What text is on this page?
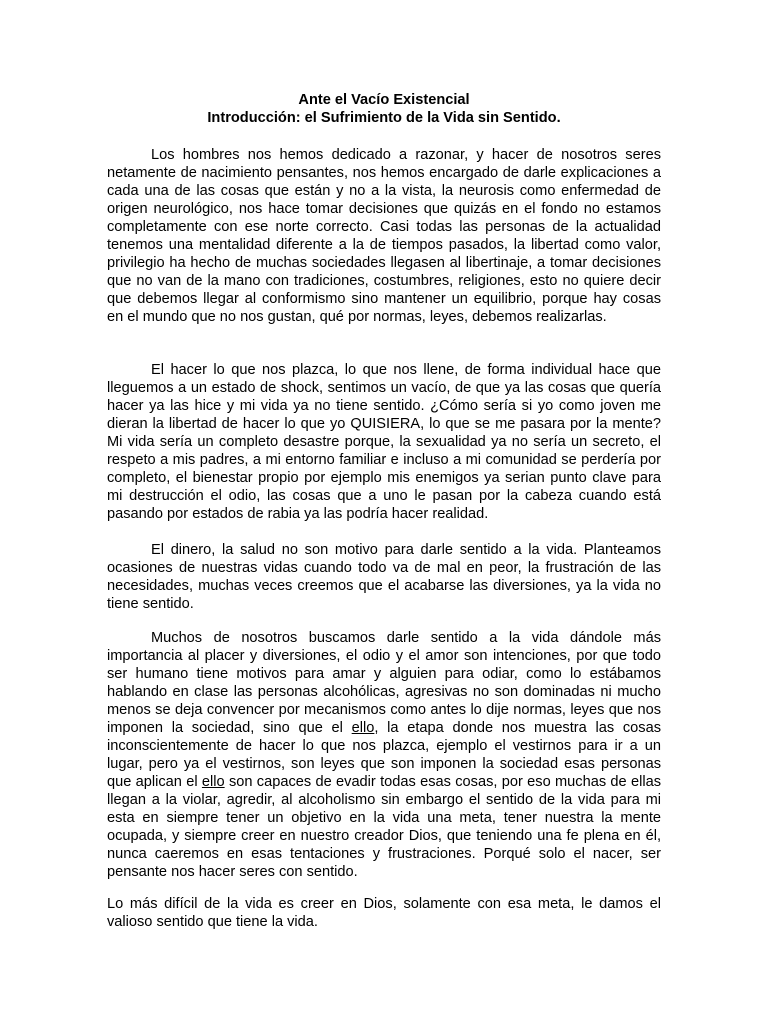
Ante el Vacío Existencial
Introducción: el Sufrimiento de la Vida sin Sentido.

Los hombres nos hemos dedicado a razonar, y hacer de nosotros seres netamente de nacimiento pensantes, nos hemos encargado de darle explicaciones a cada una de las cosas que están y no a la vista, la neurosis como enfermedad de origen neurológico, nos hace tomar decisiones que quizás en el fondo no estamos completamente con ese norte correcto. Casi todas las personas de la actualidad tenemos una mentalidad diferente a la de tiempos pasados, la libertad como valor, privilegio ha hecho de muchas sociedades llegasen al libertinaje, a tomar decisiones que no van de la mano con tradiciones, costumbres, religiones, esto no quiere decir que debemos llegar al conformismo sino mantener un equilibrio, porque hay cosas en el mundo que no nos gustan, qué por normas, leyes, debemos realizarlas.

El hacer lo que nos plazca, lo que nos llene, de forma individual hace que lleguemos a un estado de shock, sentimos un vacío, de que ya las cosas que quería hacer ya las hice y mi vida ya no tiene sentido. ¿Cómo sería si yo como joven me dieran la libertad de hacer lo que yo QUISIERA, lo que se me pasara por la mente? Mi vida sería un completo desastre porque, la sexualidad ya no sería un secreto, el respeto a mis padres, a mi entorno familiar e incluso a mi comunidad se perdería por completo, el bienestar propio por ejemplo mis enemigos ya serian punto clave para mi destrucción el odio, las cosas que a uno le pasan por la cabeza cuando está pasando por estados de rabia ya las podría hacer realidad.

El dinero, la salud no son motivo para darle sentido a la vida. Planteamos ocasiones de nuestras vidas cuando todo va de mal en peor, la frustración de las necesidades, muchas veces creemos que el acabarse las diversiones, ya la vida no tiene sentido.

Muchos de nosotros buscamos darle sentido a la vida dándole más importancia al placer y diversiones, el odio y el amor son intenciones, por que todo ser humano tiene motivos para amar y alguien para odiar, como lo estábamos hablando en clase las personas alcohólicas, agresivas no son dominadas ni mucho menos se deja convencer por mecanismos como antes lo dije normas, leyes que nos imponen la sociedad, sino que el ello, la etapa donde nos muestra las cosas inconscientemente de hacer lo que nos plazca, ejemplo el vestirnos para ir a un lugar, pero ya el vestirnos, son leyes que son imponen la sociedad esas personas que aplican el ello son capaces de evadir todas esas cosas, por eso muchas de ellas llegan a la violar, agredir, al alcoholismo sin embargo el sentido de la vida para mi esta en siempre tener un objetivo en la vida una meta, tener nuestra la mente ocupada, y siempre creer en nuestro creador Dios, que teniendo una fe plena en él, nunca caeremos en esas tentaciones y frustraciones. Porqué solo el nacer, ser pensante nos hacer seres con sentido.

Lo más difícil de la vida es creer en Dios, solamente con esa meta, le damos el valioso sentido que tiene la vida.
